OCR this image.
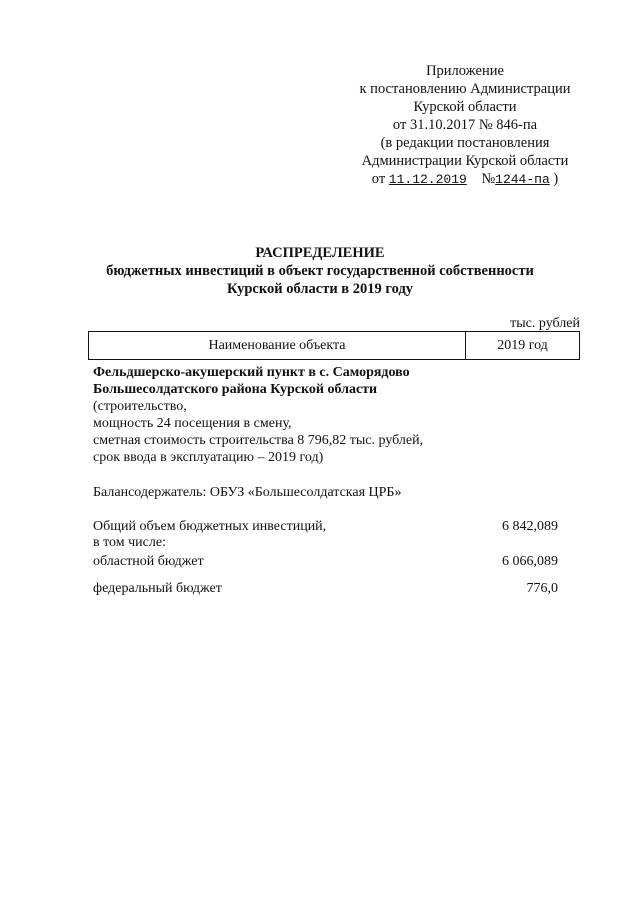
Приложение
к постановлению Администрации
Курской области
от 31.10.2017 № 846-па
(в редакции постановления
Администрации Курской области
от 11.12.2019 №1244-па )
РАСПРЕДЕЛЕНИЕ
бюджетных инвестиций в объект государственной собственности
Курской области в 2019 году
тыс. рублей
Наименование объекта	2019 год
Фельдшерско-акушерский пункт в с. Саморядово
Большесолдатского района Курской области
(строительство,
мощность 24 посещения в смену,
сметная стоимость строительства 8 796,82 тыс. рублей,
срок ввода в эксплуатацию – 2019 год)
Балансодержатель: ОБУЗ «Большесолдатская ЦРБ»
Общий объем бюджетных инвестиций,	6 842,089
в том числе:
областной бюджет	6 066,089
федеральный бюджет	776,0
